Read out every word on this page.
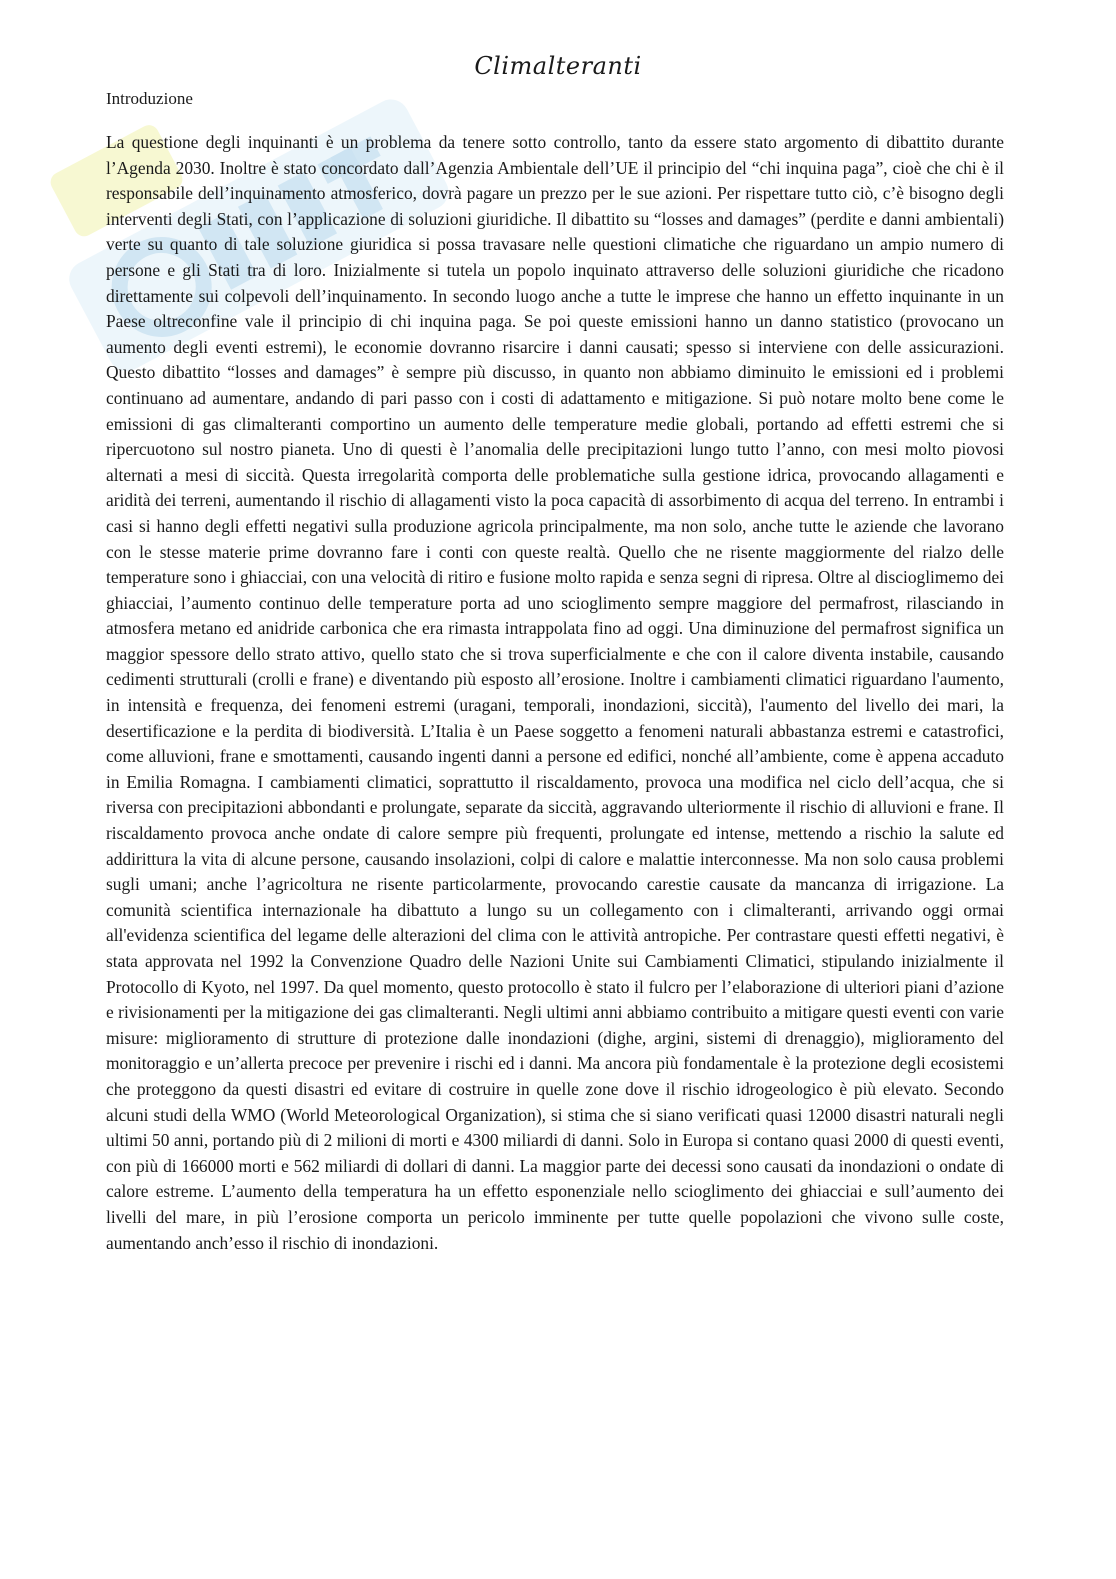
Climalteranti
Introduzione

La questione degli inquinanti è un problema da tenere sotto controllo, tanto da essere stato argomento di dibattito durante l’Agenda 2030. Inoltre è stato concordato dall’Agenzia Ambientale dell’UE il principio del “chi inquina paga”, cioè che chi è il responsabile dell’inquinamento atmosferico, dovrà pagare un prezzo per le sue azioni. Per rispettare tutto ciò, c’è bisogno degli interventi degli Stati, con l’applicazione di soluzioni giuridiche. Il dibattito su “losses and damages” (perdite e danni ambientali) verte su quanto di tale soluzione giuridica si possa travasare nelle questioni climatiche che riguardano un ampio numero di persone e gli Stati tra di loro. Inizialmente si tutela un popolo inquinato attraverso delle soluzioni giuridiche che ricadono direttamente sui colpevoli dell’inquinamento. In secondo luogo anche a tutte le imprese che hanno un effetto inquinante in un Paese oltreconfine vale il principio di chi inquina paga. Se poi queste emissioni hanno un danno statistico (provocano un aumento degli eventi estremi), le economie dovranno risarcire i danni causati; spesso si interviene con delle assicurazioni. Questo dibattito “losses and damages” è sempre più discusso, in quanto non abbiamo diminuito le emissioni ed i problemi continuano ad aumentare, andando di pari passo con i costi di adattamento e mitigazione. Si può notare molto bene come le emissioni di gas climalteranti comportino un aumento delle temperature medie globali, portando ad effetti estremi che si ripercuotono sul nostro pianeta. Uno di questi è l’anomalia delle precipitazioni lungo tutto l’anno, con mesi molto piovosi alternati a mesi di siccità. Questa irregolarità comporta delle problematiche sulla gestione idrica, provocando allagamenti e aridità dei terreni, aumentando il rischio di allagamenti visto la poca capacità di assorbimento di acqua del terreno. In entrambi i casi si hanno degli effetti negativi sulla produzione agricola principalmente, ma non solo, anche tutte le aziende che lavorano con le stesse materie prime dovranno fare i conti con queste realtà. Quello che ne risente maggiormente del rialzo delle temperature sono i ghiacciai, con una velocità di ritiro e fusione molto rapida e senza segni di ripresa. Oltre al discioglimemo dei ghiacciai, l’aumento continuo delle temperature porta ad uno scioglimento sempre maggiore del permafrost, rilasciando in atmosfera metano ed anidride carbonica che era rimasta intrappolata fino ad oggi. Una diminuzione del permafrost significa un maggior spessore dello strato attivo, quello stato che si trova superficialmente e che con il calore diventa instabile, causando cedimenti strutturali (crolli e frane) e diventando più esposto all’erosione. Inoltre i cambiamenti climatici riguardano l'aumento, in intensità e frequenza, dei fenomeni estremi (uragani, temporali, inondazioni, siccità), l'aumento del livello dei mari, la desertificazione e la perdita di biodiversità. L’Italia è un Paese soggetto a fenomeni naturali abbastanza estremi e catastrofici, come alluvioni, frane e smottamenti, causando ingenti danni a persone ed edifici, nonché all’ambiente, come è appena accaduto in Emilia Romagna. I cambiamenti climatici, soprattutto il riscaldamento, provoca una modifica nel ciclo dell’acqua, che si riversa con precipitazioni abbondanti e prolungate, separate da siccità, aggravando ulteriormente il rischio di alluvioni e frane. Il riscaldamento provoca anche ondate di calore sempre più frequenti, prolungate ed intense, mettendo a rischio la salute ed addirittura la vita di alcune persone, causando insolazioni, colpi di calore e malattie interconnesse. Ma non solo causa problemi sugli umani; anche l’agricoltura ne risente particolarmente, provocando carestie causate da mancanza di irrigazione. La comunità scientifica internazionale ha dibattuto a lungo su un collegamento con i climalteranti, arrivando oggi ormai all'evidenza scientifica del legame delle alterazioni del clima con le attività antropiche. Per contrastare questi effetti negativi, è stata approvata nel 1992 la Convenzione Quadro delle Nazioni Unite sui Cambiamenti Climatici, stipulando inizialmente il Protocollo di Kyoto, nel 1997. Da quel momento, questo protocollo è stato il fulcro per l’elaborazione di ulteriori piani d’azione e rivisionamenti per la mitigazione dei gas climalteranti. Negli ultimi anni abbiamo contribuito a mitigare questi eventi con varie misure: miglioramento di strutture di protezione dalle inondazioni (dighe, argini, sistemi di drenaggio), miglioramento del monitoraggio e un’allerta precoce per prevenire i rischi ed i danni. Ma ancora più fondamentale è la protezione degli ecosistemi che proteggono da questi disastri ed evitare di costruire in quelle zone dove il rischio idrogeologico è più elevato. Secondo alcuni studi della WMO (World Meteorological Organization), si stima che si siano verificati quasi 12000 disastri naturali negli ultimi 50 anni, portando più di 2 milioni di morti e 4300 miliardi di danni. Solo in Europa si contano quasi 2000 di questi eventi, con più di 166000 morti e 562 miliardi di dollari di danni. La maggior parte dei decessi sono causati da inondazioni o ondate di calore estreme. L’aumento della temperatura ha un effetto esponenziale nello scioglimento dei ghiacciai e sull’aumento dei livelli del mare, in più l’erosione comporta un pericolo imminente per tutte quelle popolazioni che vivono sulle coste, aumentando anch’esso il rischio di inondazioni.
